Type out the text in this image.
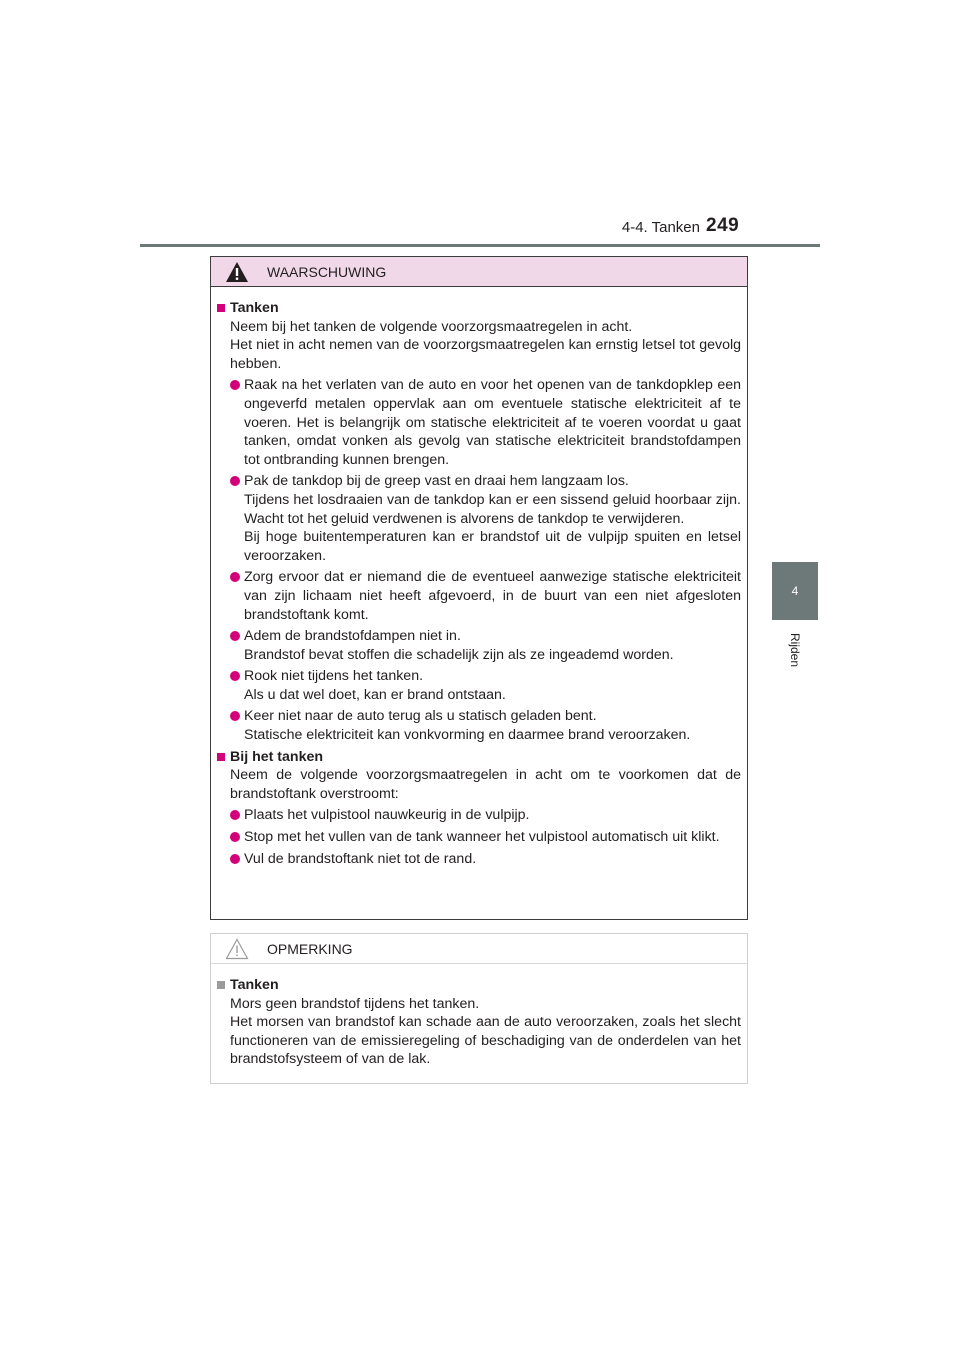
4-4. Tanken 249
4
Rijden
WAARSCHUWING
Tanken
Neem bij het tanken de volgende voorzorgsmaatregelen in acht.
Het niet in acht nemen van de voorzorgsmaatregelen kan ernstig letsel tot gevolg hebben.
Raak na het verlaten van de auto en voor het openen van de tankdopklep een ongeverfd metalen oppervlak aan om eventuele statische elektriciteit af te voeren. Het is belangrijk om statische elektriciteit af te voeren voordat u gaat tanken, omdat vonken als gevolg van statische elektriciteit brandstofdampen tot ontbranding kunnen brengen.
Pak de tankdop bij de greep vast en draai hem langzaam los.
Tijdens het losdraaien van de tankdop kan er een sissend geluid hoorbaar zijn. Wacht tot het geluid verdwenen is alvorens de tankdop te verwijderen.
Bij hoge buitentemperaturen kan er brandstof uit de vulpijp spuiten en letsel veroorzaken.
Zorg ervoor dat er niemand die de eventueel aanwezige statische elektriciteit van zijn lichaam niet heeft afgevoerd, in de buurt van een niet afgesloten brandstoftank komt.
Adem de brandstofdampen niet in.
Brandstof bevat stoffen die schadelijk zijn als ze ingeademd worden.
Rook niet tijdens het tanken.
Als u dat wel doet, kan er brand ontstaan.
Keer niet naar de auto terug als u statisch geladen bent.
Statische elektriciteit kan vonkvorming en daarmee brand veroorzaken.
Bij het tanken
Neem de volgende voorzorgsmaatregelen in acht om te voorkomen dat de brandstoftank overstroomt:
Plaats het vulpistool nauwkeurig in de vulpijp.
Stop met het vullen van de tank wanneer het vulpistool automatisch uit klikt.
Vul de brandstoftank niet tot de rand.
OPMERKING
Tanken
Mors geen brandstof tijdens het tanken.
Het morsen van brandstof kan schade aan de auto veroorzaken, zoals het slecht functioneren van de emissieregeling of beschadiging van de onderdelen van het brandstofsysteem of van de lak.
